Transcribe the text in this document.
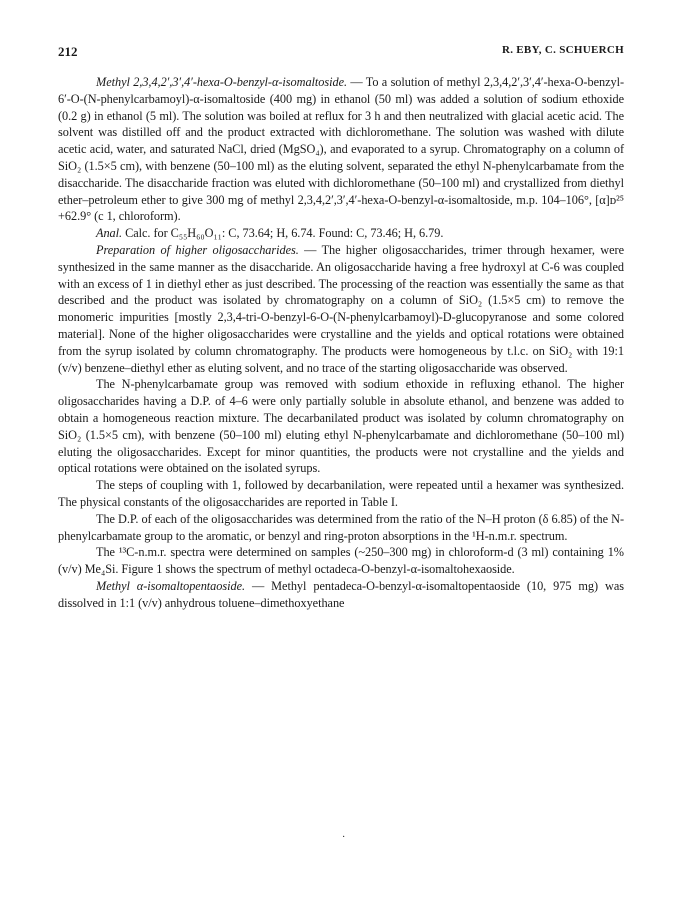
212	R. EBY, C. SCHUERCH

Methyl 2,3,4,2′,3′,4′-hexa-O-benzyl-α-isomaltoside. — To a solution of methyl 2,3,4,2′,3′,4′-hexa-O-benzyl-6′-O-(N-phenylcarbamoyl)-α-isomaltoside (400 mg) in ethanol (50 ml) was added a solution of sodium ethoxide (0.2 g) in ethanol (5 ml). The solution was boiled at reflux for 3 h and then neutralized with glacial acetic acid. The solvent was distilled off and the product extracted with dichloromethane. The solution was washed with dilute acetic acid, water, and saturated NaCl, dried (MgSO₄), and evaporated to a syrup. Chromatography on a column of SiO₂ (1.5×5 cm), with benzene (50–100 ml) as the eluting solvent, separated the ethyl N-phenylcarbamate from the disaccharide. The disaccharide fraction was eluted with dichloromethane (50–100 ml) and crystallized from diethyl ether–petroleum ether to give 300 mg of methyl 2,3,4,2′,3′,4′-hexa-O-benzyl-α-isomaltoside, m.p. 104–106°, [α]ᴅ²⁵ +62.9° (c 1, chloroform).

Anal. Calc. for C₅₅H₆₀O₁₁: C, 73.64; H, 6.74. Found: C, 73.46; H, 6.79.

Preparation of higher oligosaccharides. — The higher oligosaccharides, trimer through hexamer, were synthesized in the same manner as the disaccharide. An oligosaccharide having a free hydroxyl at C-6 was coupled with an excess of 1 in diethyl ether as just described. The processing of the reaction was essentially the same as that described and the product was isolated by chromatography on a column of SiO₂ (1.5×5 cm) to remove the monomeric impurities [mostly 2,3,4-tri-O-benzyl-6-O-(N-phenylcarbamoyl)-D-glucopyranose and some colored material]. None of the higher oligosaccharides were crystalline and the yields and optical rotations were obtained from the syrup isolated by column chromatography. The products were homogeneous by t.l.c. on SiO₂ with 19:1 (v/v) benzene–diethyl ether as eluting solvent, and no trace of the starting oligosaccharide was observed.

The N-phenylcarbamate group was removed with sodium ethoxide in refluxing ethanol. The higher oligosaccharides having a D.P. of 4–6 were only partially soluble in absolute ethanol, and benzene was added to obtain a homogeneous reaction mixture. The decarbanilated product was isolated by column chromatography on SiO₂ (1.5×5 cm), with benzene (50–100 ml) eluting ethyl N-phenylcarbamate and dichloromethane (50–100 ml) eluting the oligosaccharides. Except for minor quantities, the products were not crystalline and the yields and optical rotations were obtained on the isolated syrups.

The steps of coupling with 1, followed by decarbanilation, were repeated until a hexamer was synthesized. The physical constants of the oligosaccharides are reported in Table I.

The D.P. of each of the oligosaccharides was determined from the ratio of the N–H proton (δ 6.85) of the N-phenylcarbamate group to the aromatic, or benzyl and ring-proton absorptions in the ¹H-n.m.r. spectrum.

The ¹³C-n.m.r. spectra were determined on samples (~250–300 mg) in chloroform-d (3 ml) containing 1% (v/v) Me₄Si. Figure 1 shows the spectrum of methyl octadeca-O-benzyl-α-isomaltohexaoside.

Methyl α-isomaltopentaoside. — Methyl pentadeca-O-benzyl-α-isomaltopentaoside (10, 975 mg) was dissolved in 1:1 (v/v) anhydrous toluene–dimethoxyethane

·
